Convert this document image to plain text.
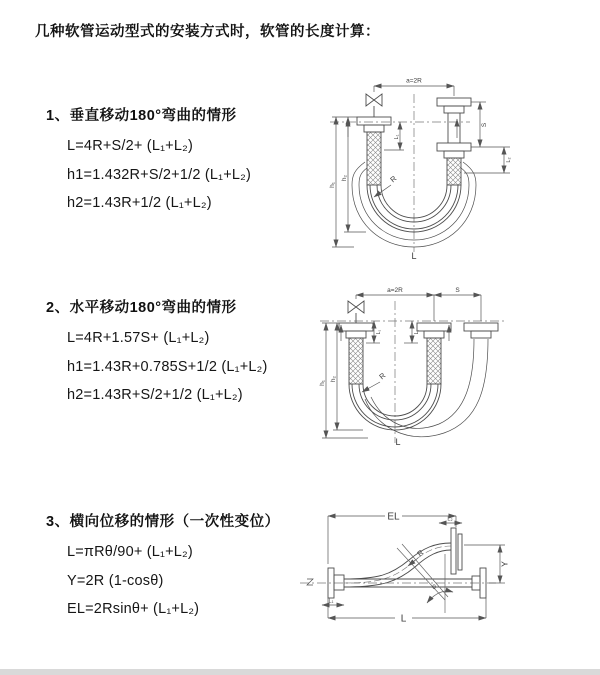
几种软管运动型式的安装方式时，软管的长度计算：
1、垂直移动180°弯曲的情形
L=4R+S/2+ (L₁+L₂)
h1=1.432R+S/2+1/2 (L₁+L₂)
h2=1.43R+1/2 (L₁+L₂)
2、水平移动180°弯曲的情形
L=4R+1.57S+ (L₁+L₂)
h1=1.43R+0.785S+1/2 (L₁+L₂)
h2=1.43R+S/2+1/2 (L₁+L₂)
3、横向位移的情形（一次性变位）
L=πRθ/90+ (L₁+L₂)
Y=2R (1-cosθ)
EL=2Rsinθ+ (L₁+L₂)
a=2R
L₁
S
L₂
h₁
h₂	R
L
a=2R	S
L₁	L₁
h₁
h₂	R
L
EL	L₂
Y
L
L₁
R
θ
